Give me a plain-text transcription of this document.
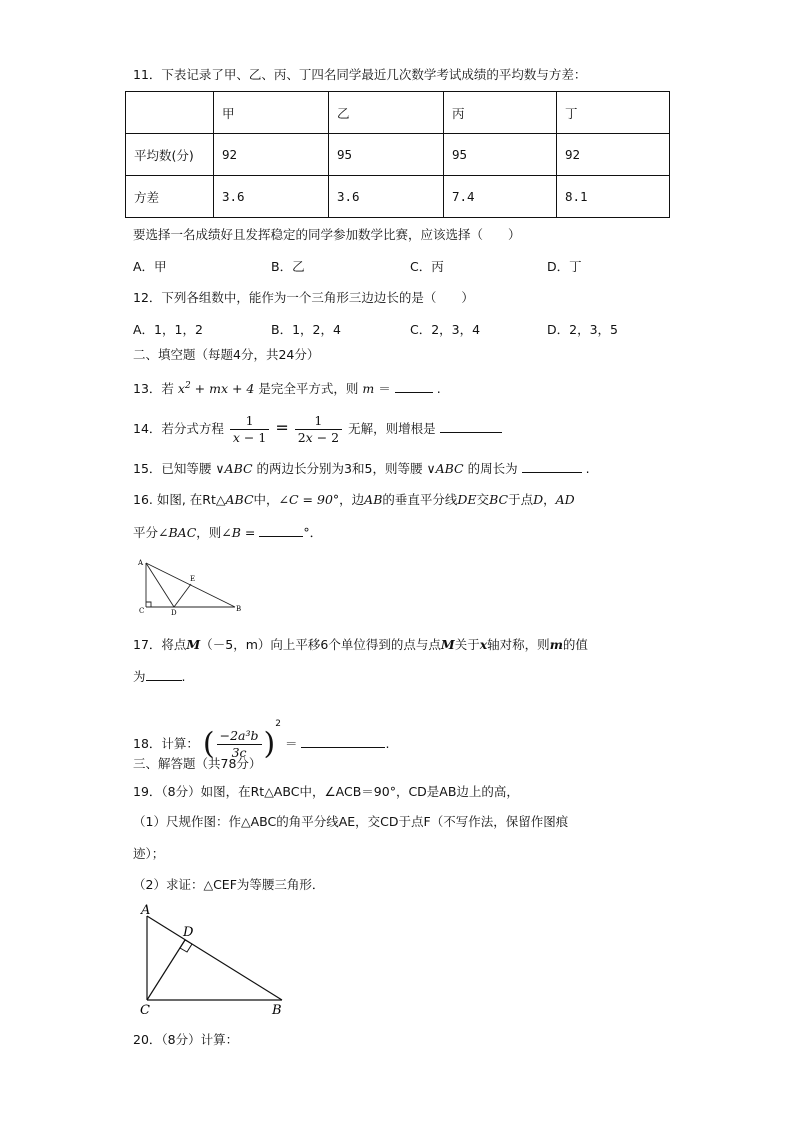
11．下表记录了甲、乙、丙、丁四名同学最近几次数学考试成绩的平均数与方差：
	甲	乙	丙	丁
平均数(分)	92	95	95	92
方差	3.6	3.6	7.4	8.1
要选择一名成绩好且发挥稳定的同学参加数学比赛，应该选择（　　）
A．甲	B．乙	C．丙	D．丁
12．下列各组数中，能作为一个三角形三边边长的是（　　）
A．1，1，2	B．1，2，4	C．2，3，4	D．2，3，5
二、填空题（每题4分，共24分）
13．若 $x^2$ + mx + 4 是完全平方式，则 m ＝	.
14．若分式方程 $\frac{1}{x - 1} = \frac{1}{2x - 2}$ 无解，则增根是
15．已知等腰 ∨ABC 的两边长分别为3和5，则等腰 ∨ABC 的周长为	.
16. 如图, 在Rt△ABC中，∠C = 90°，边AB的垂直平分线DE交BC于点D，AD
平分∠BAC，则∠B =	°．
A
E
C	D	B
17．将点M（－5，m）向上平移6个单位得到的点与点M关于x轴对称，则m的值
为	.
18．计算： ( $\frac{\text{−2a³b}}{3c} )^2$ ＝	.
三、解答题（共78分）
19．（8分）如图，在Rt△ABC中，∠ACB＝90°，CD是AB边上的高，
（1）尺规作图：作△ABC的角平分线AE，交CD于点F（不写作法，保留作图痕
迹）；
（2）求证：△CEF为等腰三角形．
A
D
C	B
20．（8分）计算：
